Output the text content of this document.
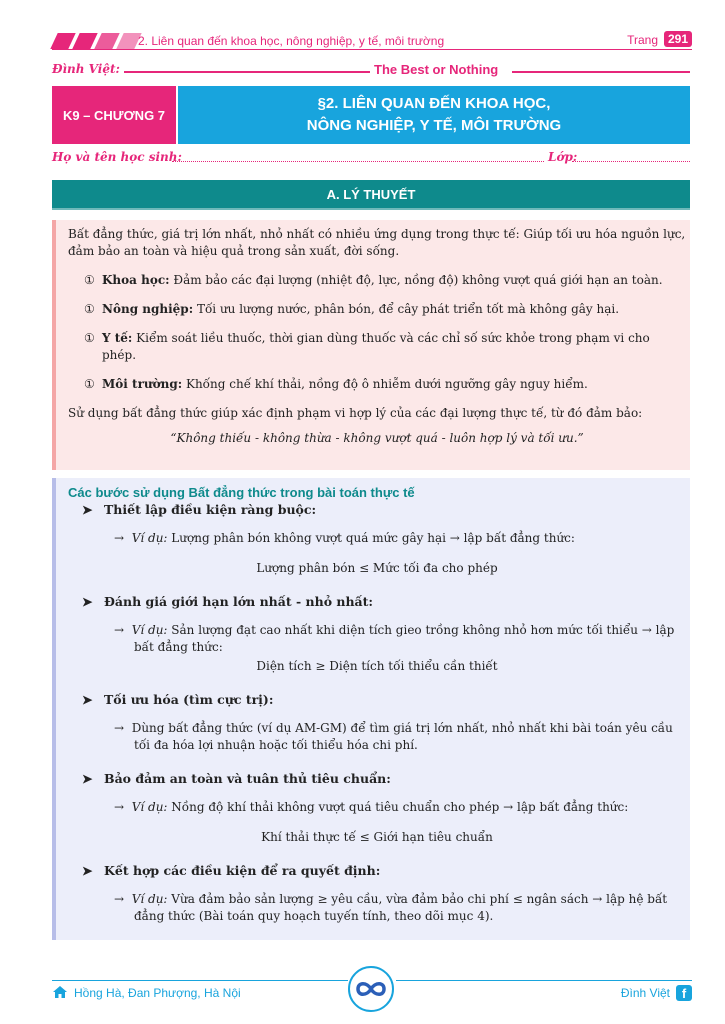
2. Liên quan đến khoa học, nông nghiệp, y tế, môi trường	Trang 291
Đình Việt:	The Best or Nothing
K9 – CHƯƠNG 7
§2. LIÊN QUAN ĐẾN KHOA HỌC,
NÔNG NGHIỆP, Y TẾ, MÔI TRƯỜNG
Họ và tên học sinh:	Lớp:
A. LÝ THUYẾT

Bất đẳng thức, giá trị lớn nhất, nhỏ nhất có nhiều ứng dụng trong thực tế: Giúp tối ưu hóa nguồn lực, đảm bảo an toàn và hiệu quả trong sản xuất, đời sống.

① Khoa học: Đảm bảo các đại lượng (nhiệt độ, lực, nồng độ) không vượt quá giới hạn an toàn.

① Nông nghiệp: Tối ưu lượng nước, phân bón, để cây phát triển tốt mà không gây hại.

① Y tế: Kiểm soát liều thuốc, thời gian dùng thuốc và các chỉ số sức khỏe trong phạm vi cho phép.

① Môi trường: Khống chế khí thải, nồng độ ô nhiễm dưới ngưỡng gây nguy hiểm.

Sử dụng bất đẳng thức giúp xác định phạm vi hợp lý của các đại lượng thực tế, từ đó đảm bảo:

“Không thiếu - không thừa - không vượt quá - luôn hợp lý và tối ưu.”

Các bước sử dụng Bất đẳng thức trong bài toán thực tế

➤ Thiết lập điều kiện ràng buộc:

→ Ví dụ: Lượng phân bón không vượt quá mức gây hại → lập bất đẳng thức:

Lượng phân bón ≤ Mức tối đa cho phép

➤ Đánh giá giới hạn lớn nhất - nhỏ nhất:

→ Ví dụ: Sản lượng đạt cao nhất khi diện tích gieo trồng không nhỏ hơn mức tối thiểu → lập bất đẳng thức:

Diện tích ≥ Diện tích tối thiểu cần thiết

➤ Tối ưu hóa (tìm cực trị):

→ Dùng bất đẳng thức (ví dụ AM-GM) để tìm giá trị lớn nhất, nhỏ nhất khi bài toán yêu cầu tối đa hóa lợi nhuận hoặc tối thiểu hóa chi phí.

➤ Bảo đảm an toàn và tuân thủ tiêu chuẩn:

→ Ví dụ: Nồng độ khí thải không vượt quá tiêu chuẩn cho phép → lập bất đẳng thức:

Khí thải thực tế ≤ Giới hạn tiêu chuẩn

➤ Kết hợp các điều kiện để ra quyết định:

→ Ví dụ: Vừa đảm bảo sản lượng ≥ yêu cầu, vừa đảm bảo chi phí ≤ ngân sách → lập hệ bất đẳng thức (Bài toán quy hoạch tuyến tính, theo dõi mục 4).

Hồng Hà, Đan Phượng, Hà Nội	Đình Việt f
